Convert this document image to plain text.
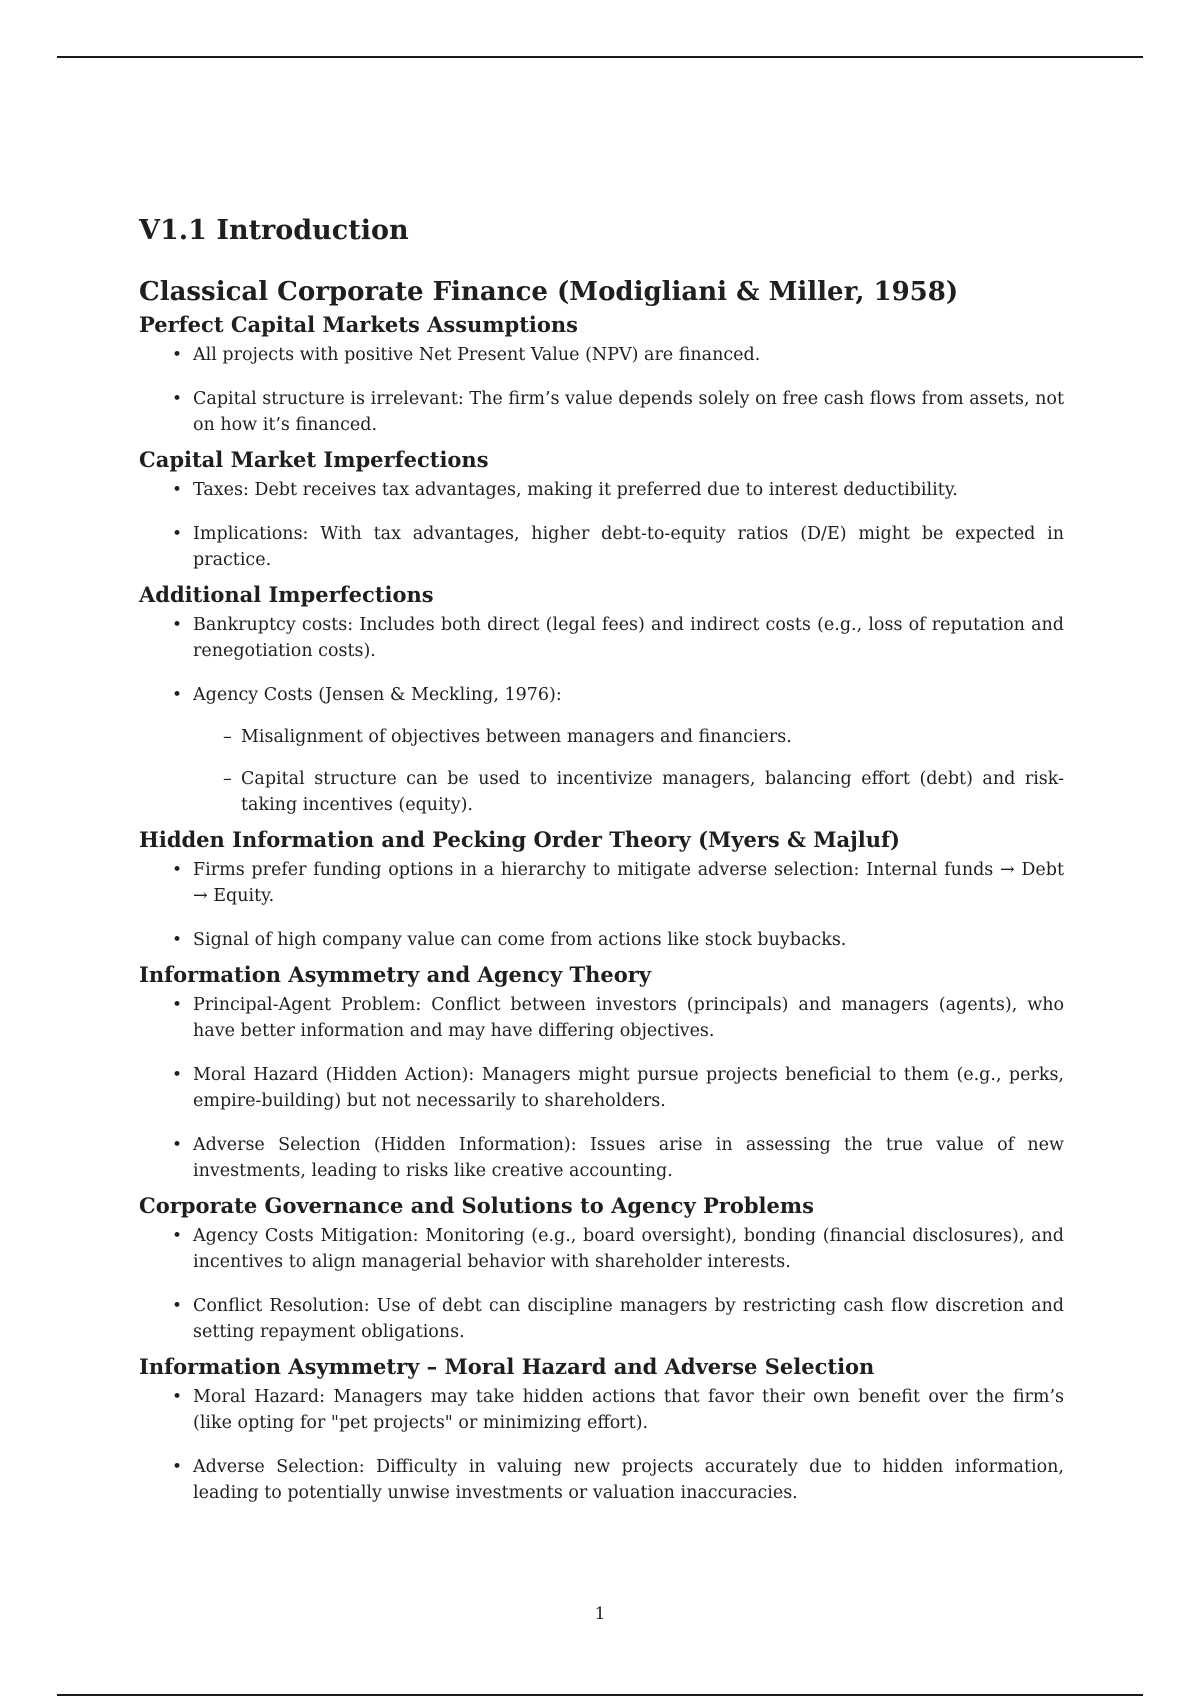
V1.1 Introduction
Classical Corporate Finance (Modigliani & Miller, 1958)
Perfect Capital Markets Assumptions
• All projects with positive Net Present Value (NPV) are financed.
• Capital structure is irrelevant: The firm’s value depends solely on free cash flows from assets, not on how it’s financed.
Capital Market Imperfections
• Taxes: Debt receives tax advantages, making it preferred due to interest deductibility.
• Implications: With tax advantages, higher debt-to-equity ratios (D/E) might be expected in practice.
Additional Imperfections
• Bankruptcy costs: Includes both direct (legal fees) and indirect costs (e.g., loss of reputation and renegotiation costs).
• Agency Costs (Jensen & Meckling, 1976):
– Misalignment of objectives between managers and financiers.
– Capital structure can be used to incentivize managers, balancing effort (debt) and risk-taking incentives (equity).
Hidden Information and Pecking Order Theory (Myers & Majluf)
• Firms prefer funding options in a hierarchy to mitigate adverse selection: Internal funds → Debt → Equity.
• Signal of high company value can come from actions like stock buybacks.
Information Asymmetry and Agency Theory
• Principal-Agent Problem: Conflict between investors (principals) and managers (agents), who have better information and may have differing objectives.
• Moral Hazard (Hidden Action): Managers might pursue projects beneficial to them (e.g., perks, empire-building) but not necessarily to shareholders.
• Adverse Selection (Hidden Information): Issues arise in assessing the true value of new investments, leading to risks like creative accounting.
Corporate Governance and Solutions to Agency Problems
• Agency Costs Mitigation: Monitoring (e.g., board oversight), bonding (financial disclosures), and incentives to align managerial behavior with shareholder interests.
• Conflict Resolution: Use of debt can discipline managers by restricting cash flow discretion and setting repayment obligations.
Information Asymmetry – Moral Hazard and Adverse Selection
• Moral Hazard: Managers may take hidden actions that favor their own benefit over the firm’s (like opting for "pet projects" or minimizing effort).
• Adverse Selection: Difficulty in valuing new projects accurately due to hidden information, leading to potentially unwise investments or valuation inaccuracies.
1
